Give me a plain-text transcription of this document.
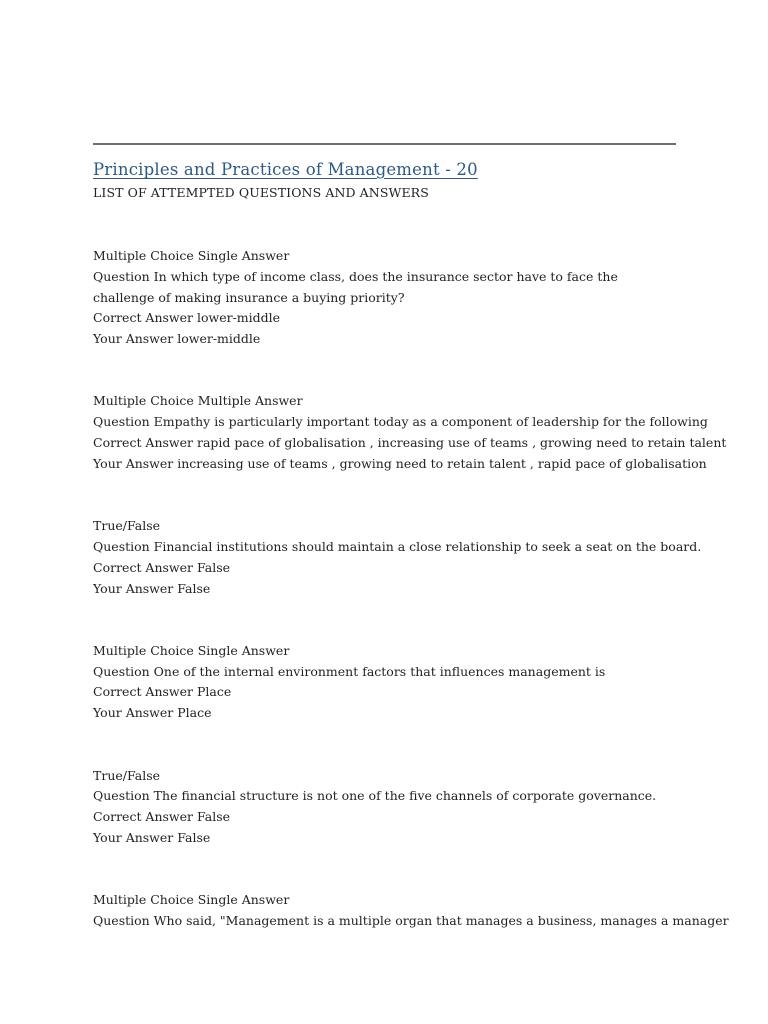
Principles and Practices of Management - 20
LIST OF ATTEMPTED QUESTIONS AND ANSWERS
Multiple Choice Single Answer
Question In which type of income class, does the insurance sector have to face the challenge of making insurance a buying priority?
Correct Answer lower-middle
Your Answer lower-middle
Multiple Choice Multiple Answer
Question Empathy is particularly important today as a component of leadership for the following
Correct Answer rapid pace of globalisation , increasing use of teams , growing need to retain talent
Your Answer increasing use of teams , growing need to retain talent , rapid pace of globalisation
True/False
Question Financial institutions should maintain a close relationship to seek a seat on the board.
Correct Answer False
Your Answer False
Multiple Choice Single Answer
Question One of the internal environment factors that influences management is
Correct Answer Place
Your Answer Place
True/False
Question The financial structure is not one of the five channels of corporate governance.
Correct Answer False
Your Answer False
Multiple Choice Single Answer
Question Who said, "Management is a multiple organ that manages a business, manages a manager
